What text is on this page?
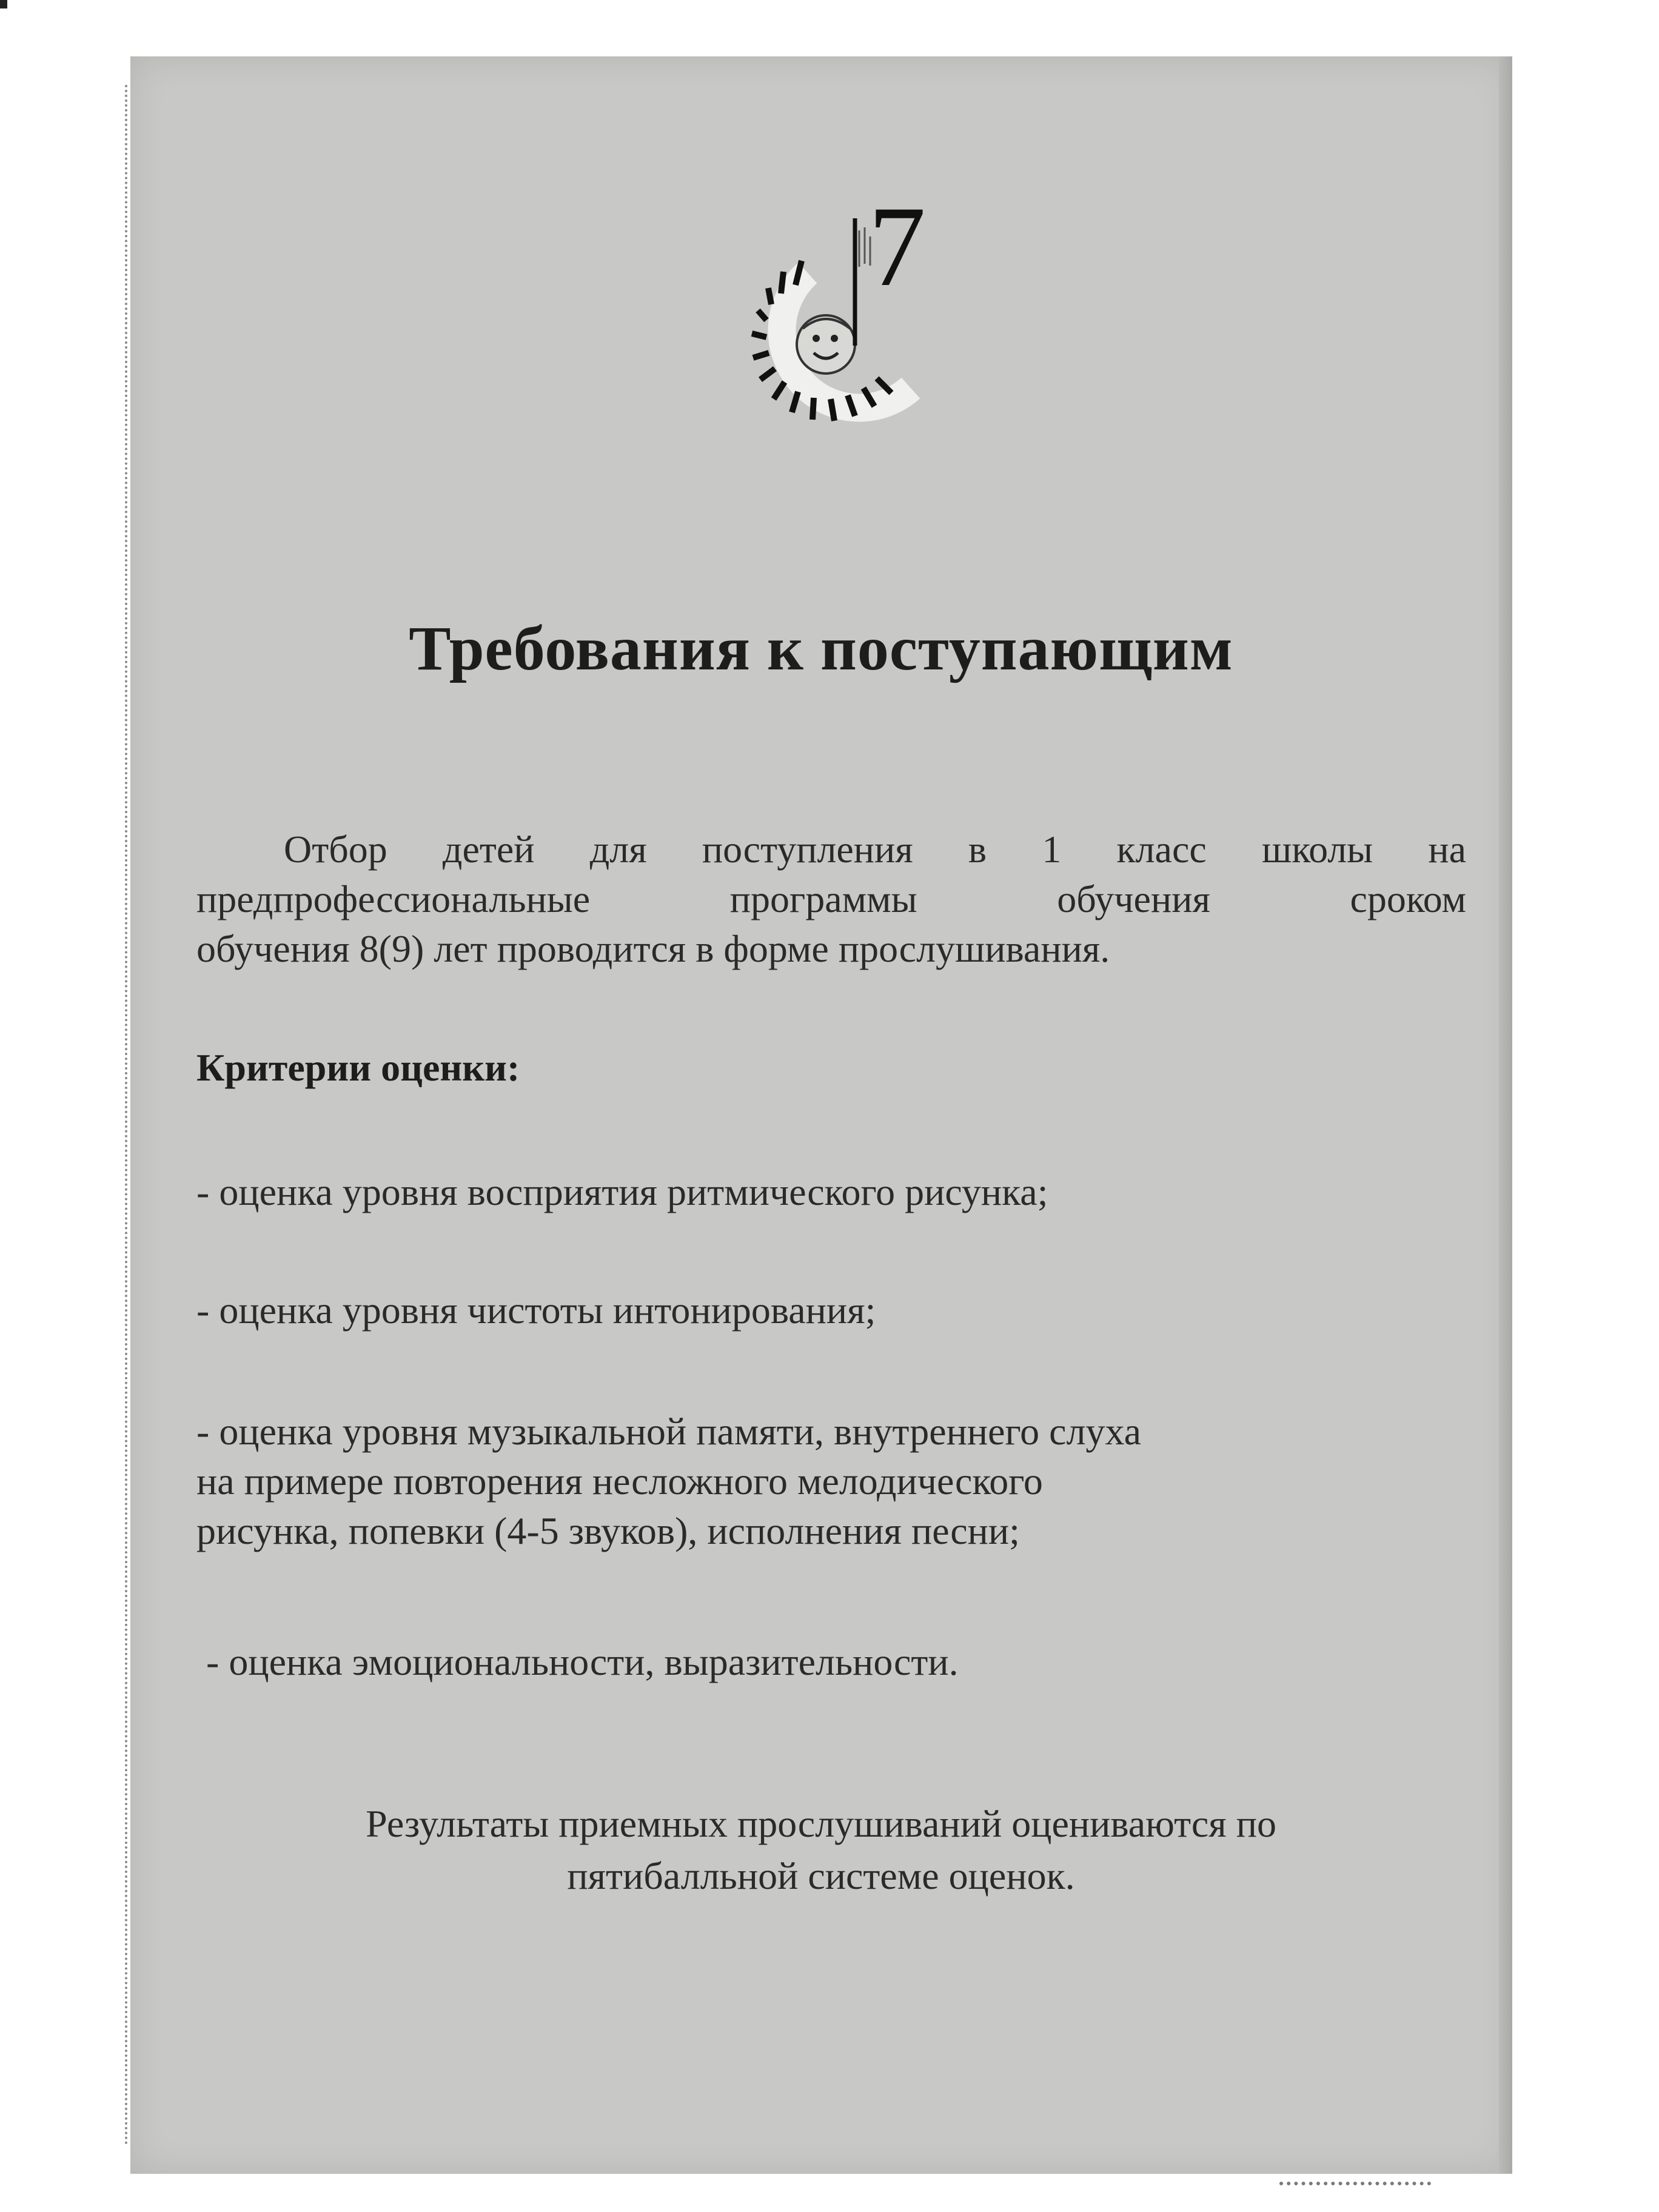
7
Требования к поступающим
Отбор детей для поступления в 1 класс школы на
предпрофессиональные программы обучения сроком
обучения 8(9) лет проводится в форме прослушивания.
Критерии оценки:
- оценка уровня восприятия ритмического рисунка;
- оценка уровня чистоты интонирования;
- оценка уровня музыкальной памяти, внутреннего слуха
на примере повторения несложного мелодического
рисунка, попевки (4-5 звуков), исполнения песни;
- оценка эмоциональности, выразительности.
Результаты приемных прослушиваний оцениваются по
пятибалльной системе оценок.
